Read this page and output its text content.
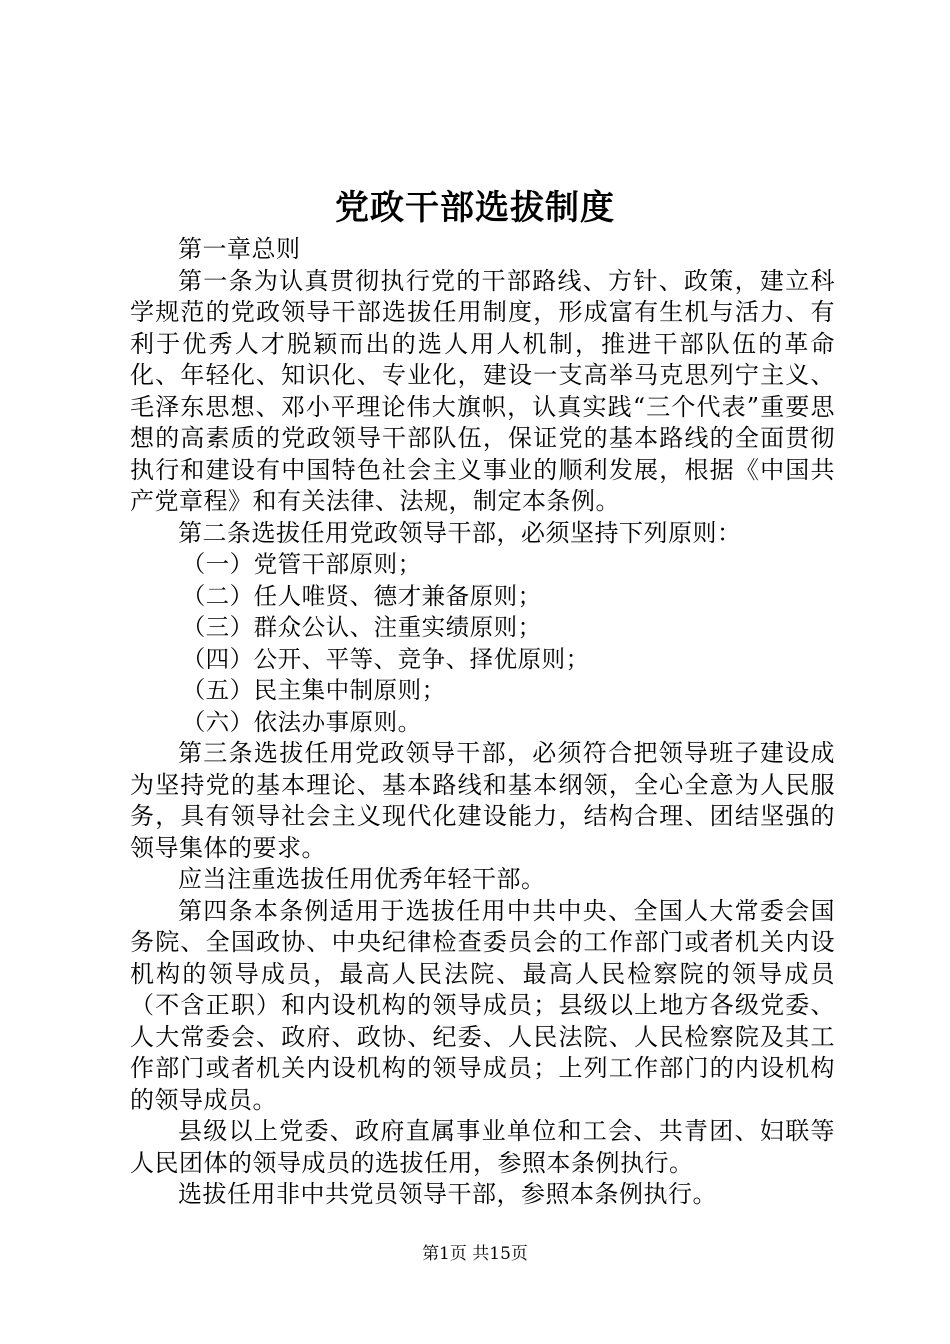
党政干部选拔制度

第一章总则

第一条为认真贯彻执行党的干部路线、方针、政策，建立科学规范的党政领导干部选拔任用制度，形成富有生机与活力、有利于优秀人才脱颖而出的选人用人机制，推进干部队伍的革命化、年轻化、知识化、专业化，建设一支高举马克思列宁主义、毛泽东思想、邓小平理论伟大旗帜，认真实践“三个代表”重要思想的高素质的党政领导干部队伍，保证党的基本路线的全面贯彻执行和建设有中国特色社会主义事业的顺利发展，根据《中国共产党章程》和有关法律、法规，制定本条例。

第二条选拔任用党政领导干部，必须坚持下列原则：

（一）党管干部原则；

（二）任人唯贤、德才兼备原则；

（三）群众公认、注重实绩原则；

（四）公开、平等、竞争、择优原则；

（五）民主集中制原则；

（六）依法办事原则。

第三条选拔任用党政领导干部，必须符合把领导班子建设成为坚持党的基本理论、基本路线和基本纲领，全心全意为人民服务，具有领导社会主义现代化建设能力，结构合理、团结坚强的领导集体的要求。

应当注重选拔任用优秀年轻干部。

第四条本条例适用于选拔任用中共中央、全国人大常委会国务院、全国政协、中央纪律检查委员会的工作部门或者机关内设机构的领导成员，最高人民法院、最高人民检察院的领导成员（不含正职）和内设机构的领导成员；县级以上地方各级党委、人大常委会、政府、政协、纪委、人民法院、人民检察院及其工作部门或者机关内设机构的领导成员；上列工作部门的内设机构的领导成员。

县级以上党委、政府直属事业单位和工会、共青团、妇联等人民团体的领导成员的选拔任用，参照本条例执行。

选拔任用非中共党员领导干部，参照本条例执行。

第1页 共15页
